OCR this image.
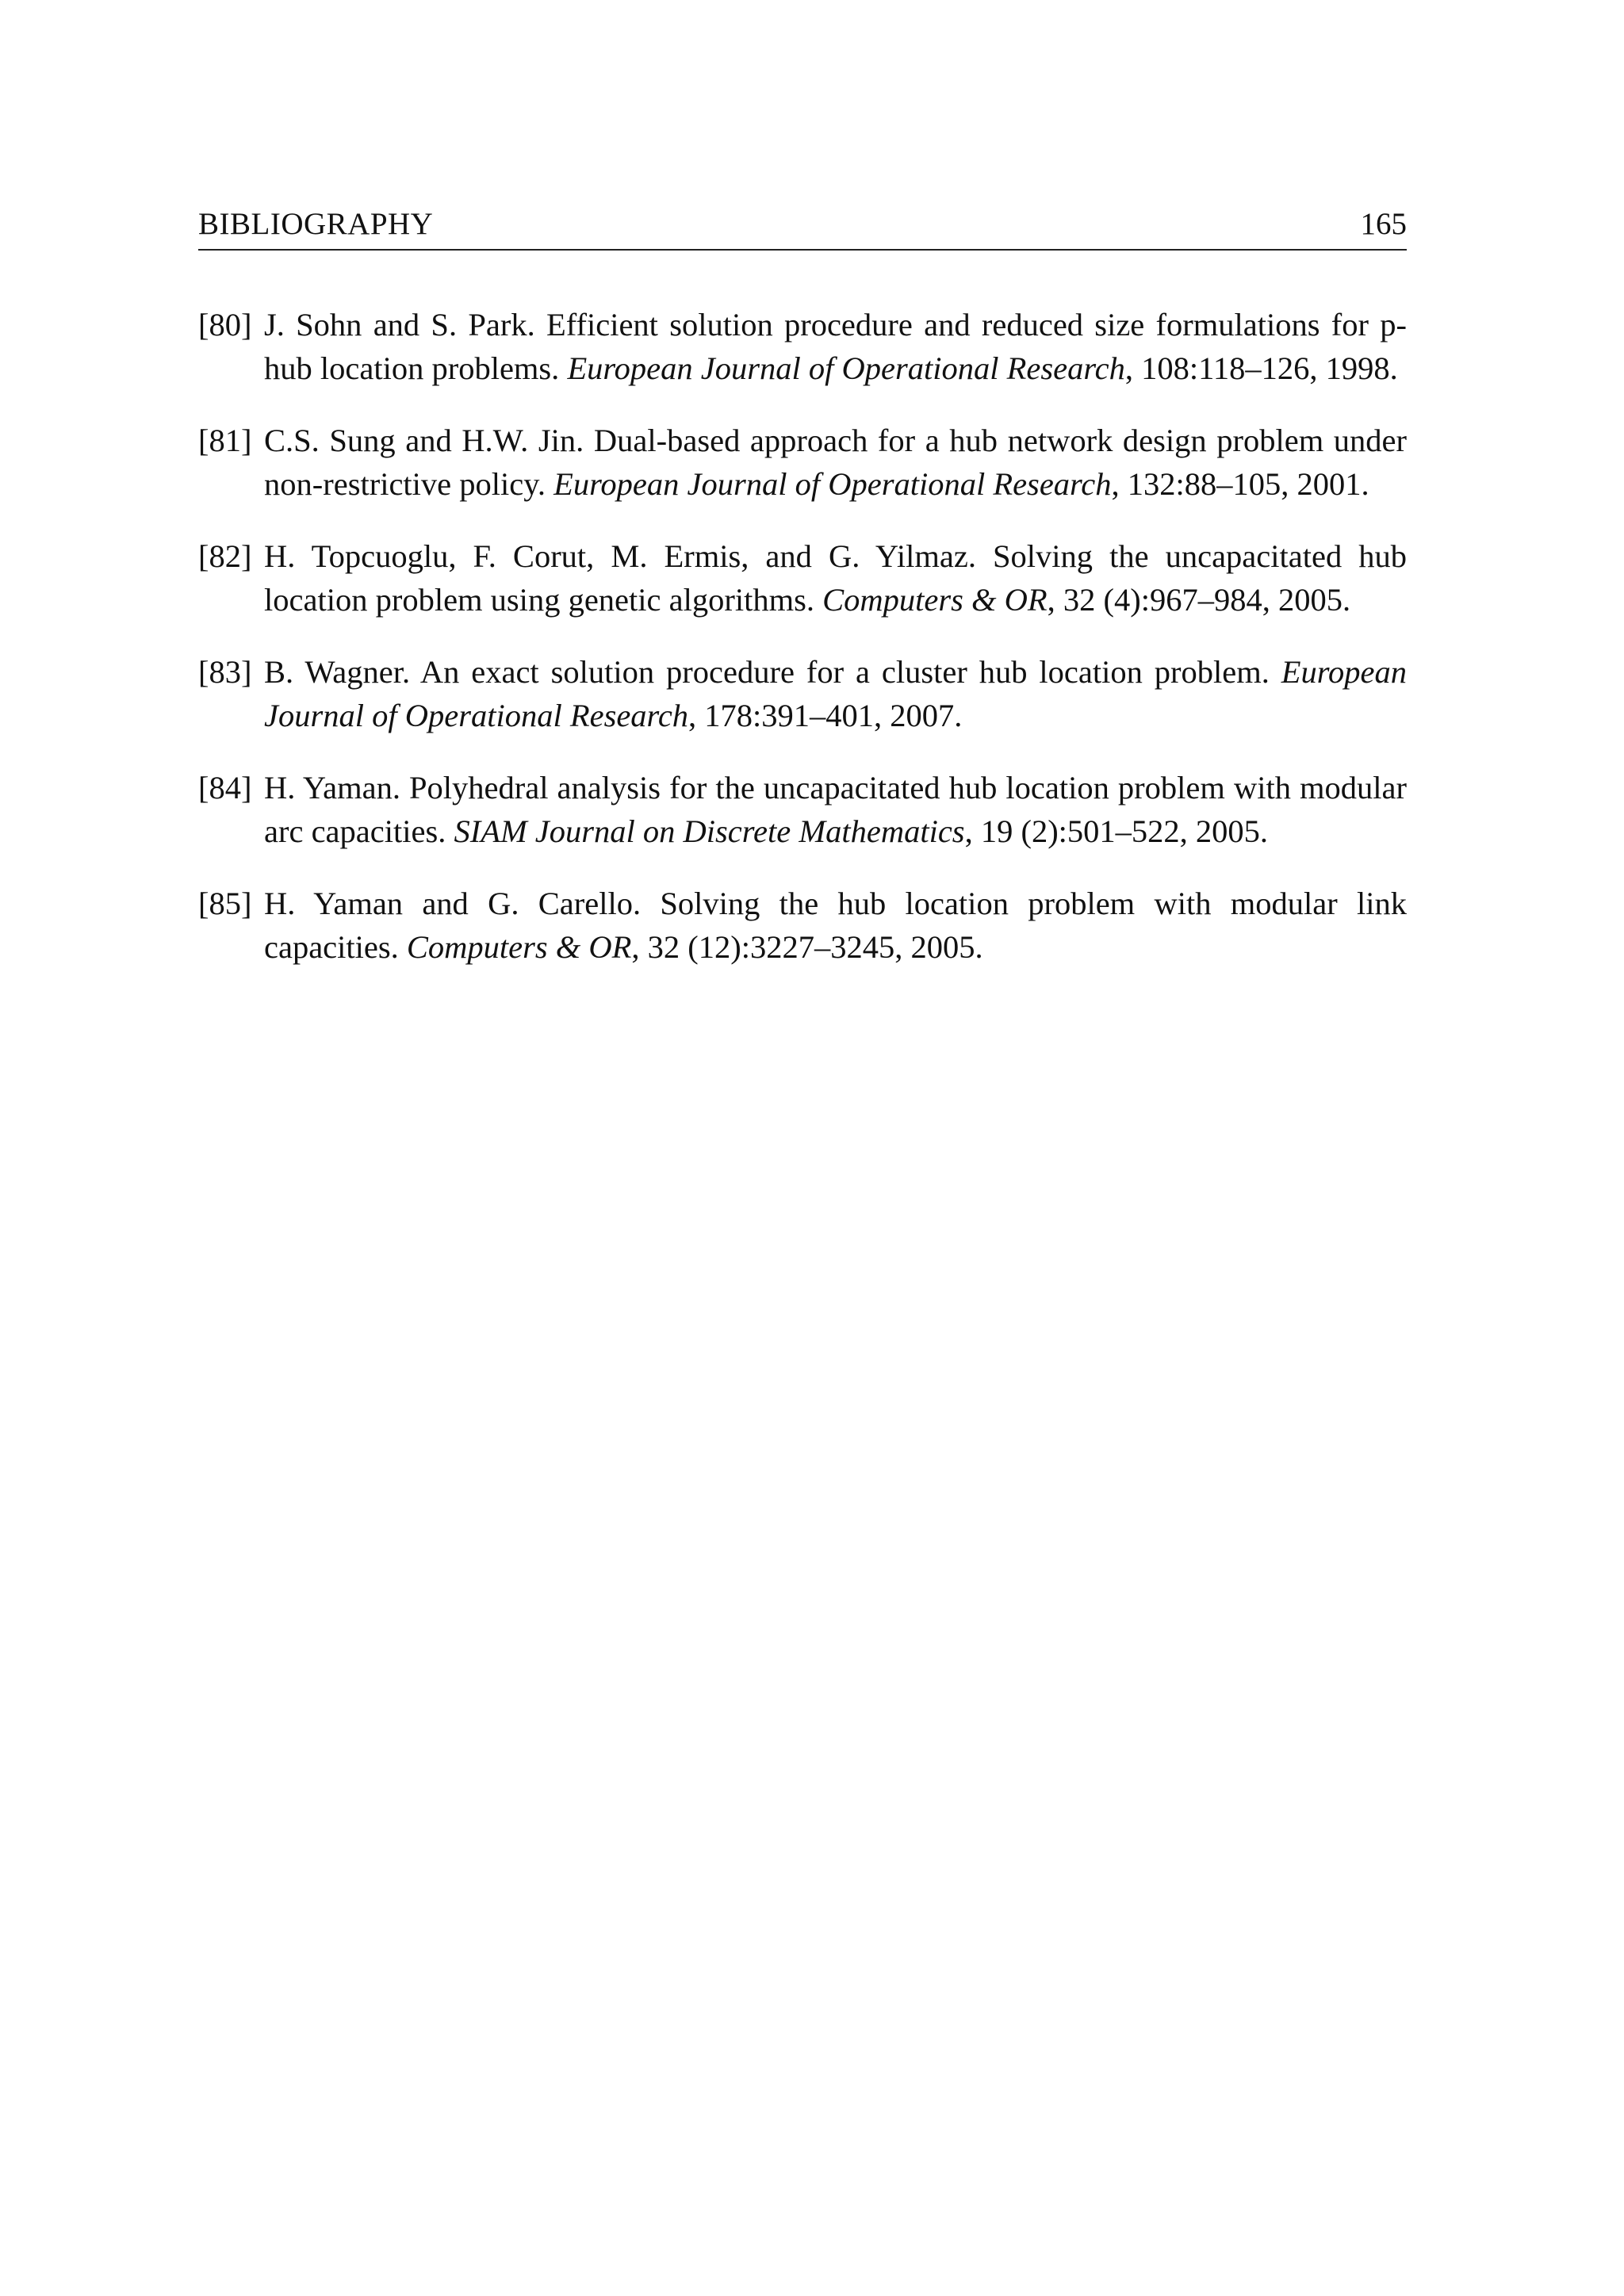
BIBLIOGRAPHY	165
[80] J. Sohn and S. Park. Efficient solution procedure and reduced size formulations for p-hub location problems. European Journal of Operational Research, 108:118–126, 1998.
[81] C.S. Sung and H.W. Jin. Dual-based approach for a hub network design problem under non-restrictive policy. European Journal of Operational Research, 132:88–105, 2001.
[82] H. Topcuoglu, F. Corut, M. Ermis, and G. Yilmaz. Solving the uncapacitated hub location problem using genetic algorithms. Computers & OR, 32 (4):967–984, 2005.
[83] B. Wagner. An exact solution procedure for a cluster hub location problem. European Journal of Operational Research, 178:391–401, 2007.
[84] H. Yaman. Polyhedral analysis for the uncapacitated hub location problem with modular arc capacities. SIAM Journal on Discrete Mathematics, 19 (2):501–522, 2005.
[85] H. Yaman and G. Carello. Solving the hub location problem with modular link capacities. Computers & OR, 32 (12):3227–3245, 2005.
